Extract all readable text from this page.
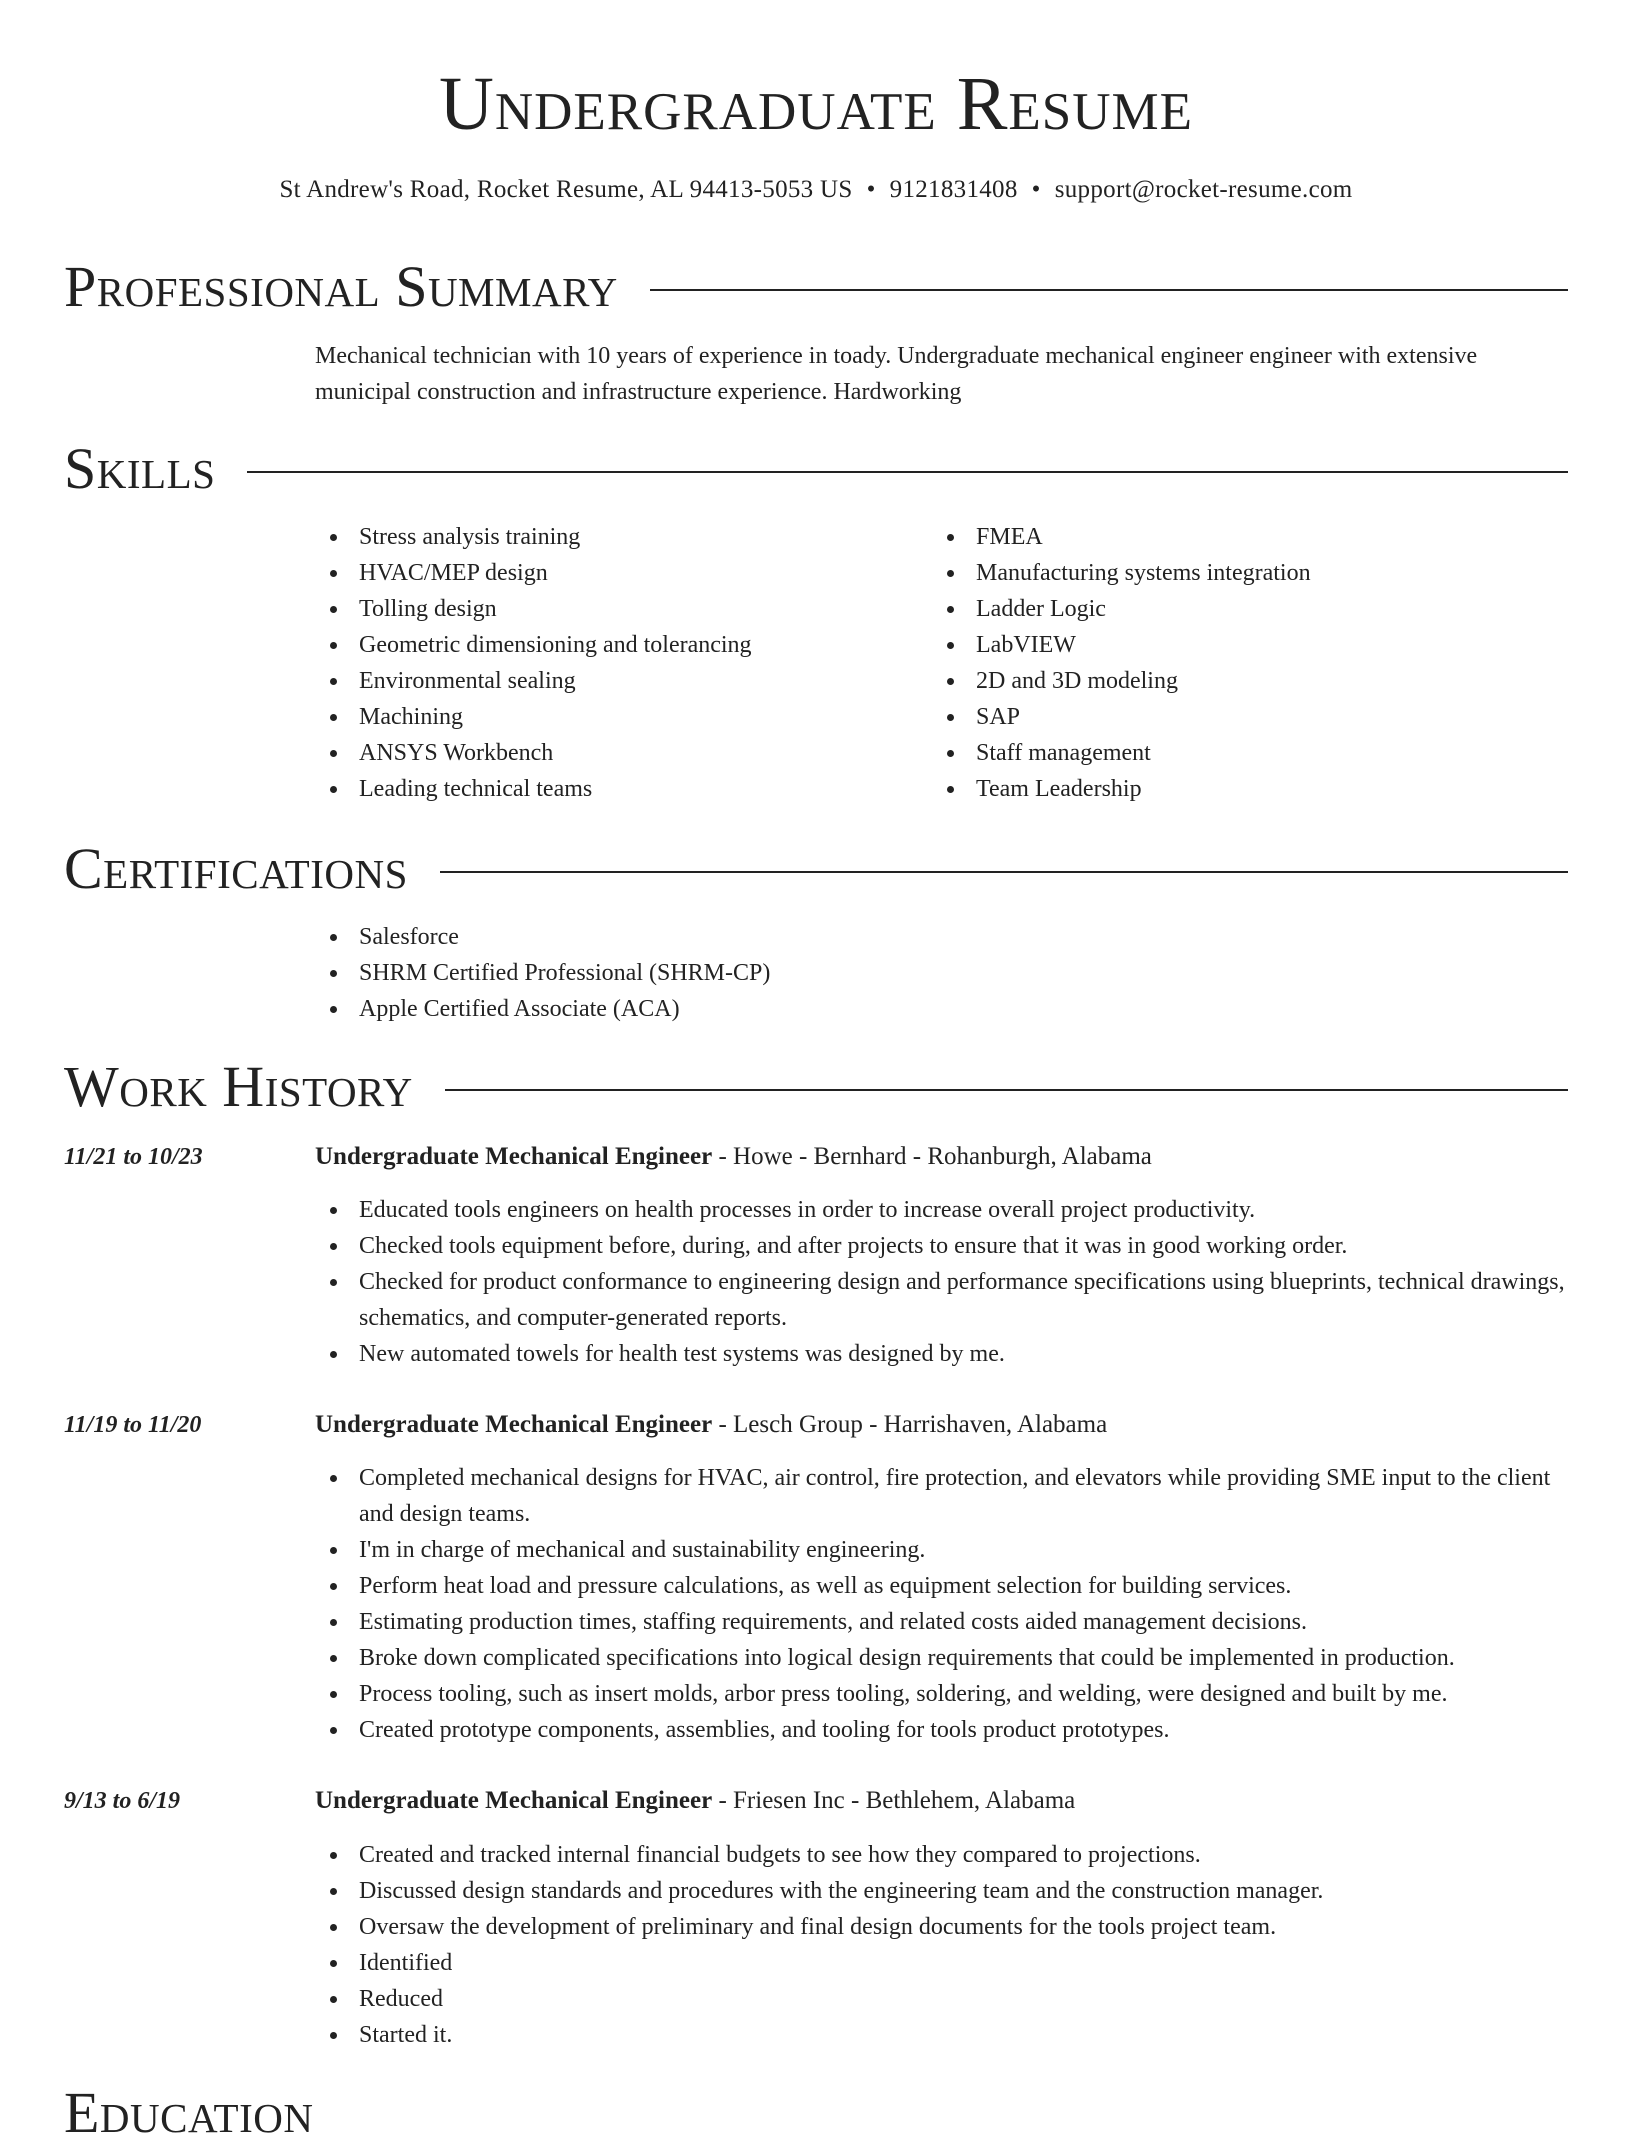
Undergraduate Resume
St Andrew's Road, Rocket Resume, AL 94413-5053 US • 9121831408 • support@rocket-resume.com
Professional Summary
Mechanical technician with 10 years of experience in toady. Undergraduate mechanical engineer engineer with extensive municipal construction and infrastructure experience. Hardworking
Skills
Stress analysis training
HVAC/MEP design
Tolling design
Geometric dimensioning and tolerancing
Environmental sealing
Machining
ANSYS Workbench
Leading technical teams
FMEA
Manufacturing systems integration
Ladder Logic
LabVIEW
2D and 3D modeling
SAP
Staff management
Team Leadership
Certifications
Salesforce
SHRM Certified Professional (SHRM-CP)
Apple Certified Associate (ACA)
Work History
11/21 to 10/23	Undergraduate Mechanical Engineer - Howe - Bernhard - Rohanburgh, Alabama
Educated tools engineers on health processes in order to increase overall project productivity.
Checked tools equipment before, during, and after projects to ensure that it was in good working order.
Checked for product conformance to engineering design and performance specifications using blueprints, technical drawings, schematics, and computer-generated reports.
New automated towels for health test systems was designed by me.
11/19 to 11/20	Undergraduate Mechanical Engineer - Lesch Group - Harrishaven, Alabama
Completed mechanical designs for HVAC, air control, fire protection, and elevators while providing SME input to the client and design teams.
I'm in charge of mechanical and sustainability engineering.
Perform heat load and pressure calculations, as well as equipment selection for building services.
Estimating production times, staffing requirements, and related costs aided management decisions.
Broke down complicated specifications into logical design requirements that could be implemented in production.
Process tooling, such as insert molds, arbor press tooling, soldering, and welding, were designed and built by me.
Created prototype components, assemblies, and tooling for tools product prototypes.
9/13 to 6/19	Undergraduate Mechanical Engineer - Friesen Inc - Bethlehem, Alabama
Created and tracked internal financial budgets to see how they compared to projections.
Discussed design standards and procedures with the engineering team and the construction manager.
Oversaw the development of preliminary and final design documents for the tools project team.
Identified
Reduced
Started it.
Education
